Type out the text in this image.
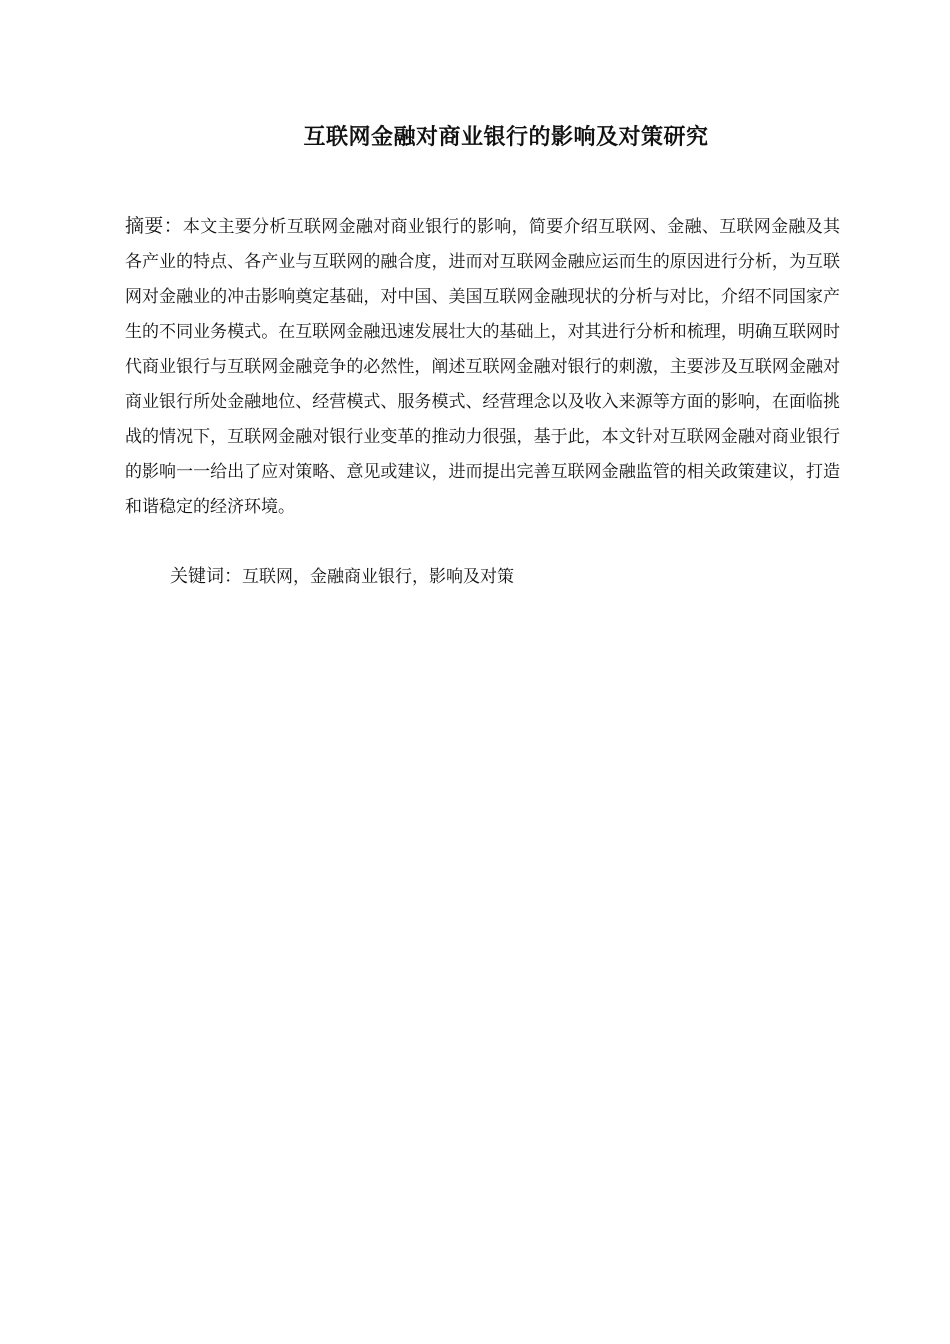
互联网金融对商业银行的影响及对策研究
摘要：本文主要分析互联网金融对商业银行的影响，简要介绍互联网、金融、互联网金融及其各产业的特点、各产业与互联网的融合度，进而对互联网金融应运而生的原因进行分析，为互联网对金融业的冲击影响奠定基础，对中国、美国互联网金融现状的分析与对比，介绍不同国家产生的不同业务模式。在互联网金融迅速发展壮大的基础上，对其进行分析和梳理，明确互联网时代商业银行与互联网金融竞争的必然性，阐述互联网金融对银行的刺激，主要涉及互联网金融对商业银行所处金融地位、经营模式、服务模式、经营理念以及收入来源等方面的影响，在面临挑战的情况下，互联网金融对银行业变革的推动力很强，基于此，本文针对互联网金融对商业银行的影响一一给出了应对策略、意见或建议，进而提出完善互联网金融监管的相关政策建议，打造和谐稳定的经济环境。
关键词：互联网，金融商业银行，影响及对策
